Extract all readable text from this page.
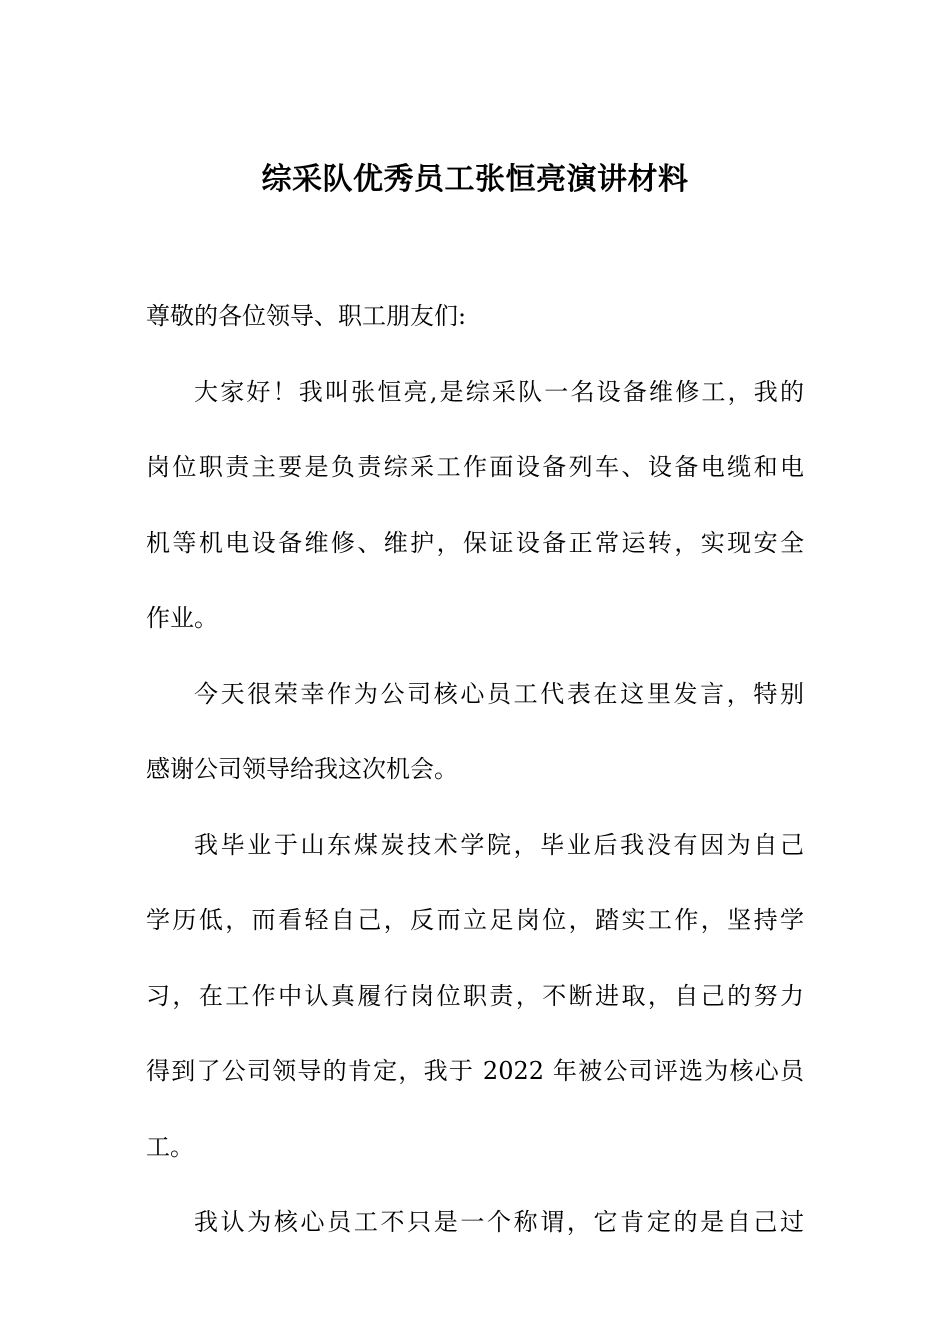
综采队优秀员工张恒亮演讲材料
尊敬的各位领导、职工朋友们:
大家好！我叫张恒亮,是综采队一名设备维修工，我的
岗位职责主要是负责综采工作面设备列车、设备电缆和电
机等机电设备维修、维护，保证设备正常运转，实现安全
作业。
今天很荣幸作为公司核心员工代表在这里发言，特别
感谢公司领导给我这次机会。
我毕业于山东煤炭技术学院，毕业后我没有因为自己
学历低，而看轻自己，反而立足岗位，踏实工作，坚持学
习，在工作中认真履行岗位职责，不断进取，自己的努力
得到了公司领导的肯定，我于 2022 年被公司评选为核心员
工。
我认为核心员工不只是一个称谓，它肯定的是自己过
